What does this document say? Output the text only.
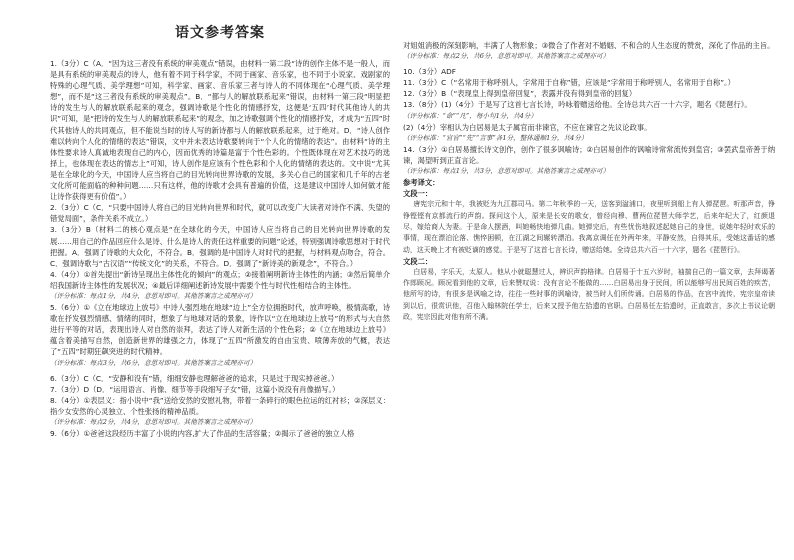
语文参考答案

1.（3分）C（A．“因为这三者没有系统的审美观点”错误，由材料一第二段“诗的创作主体不是一般人，而是具有系统的审美观点的诗人，他有着不同于科学家，不同于画家、音乐家，也不同于小说家、戏剧家的特殊的心理气质、美学理想”可知，科学家、画家、音乐家三者与诗人的不同体现在“心理气质、美学理想”，而不是“这三者没有系统的审美观点”。B．“都与人的解放联系起来”错误，由材料一第三段“明显把诗的发生与人的解放联系起来的观念，强调诗歌是个性化的情感抒发，这便是‘五四’时代其他诗人的共识”可知，是“把诗的发生与人的解放联系起来”的观念，加之诗歌强调个性化的情感抒发，才成为“五四”时代其他诗人的共同观点，但不能说当时的诗人写的新诗都与人的解放联系起来，过于绝对。D．“诗人创作难以转向个人化的情绪的表达”错误，文中并未表达诗歌要转向于“个人化的情绪的表达”。由材料“诗的主体性要求诗人真诚地表现自己的内心，因而优秀的诗篇是富于个性色彩的。个性既体现在对艺术技巧的选择上，也体现在表达的情志上”可知，诗人创作是应该有个性色彩和个人化的情绪的表达的。文中说“尤其是在全球化的今天，中国诗人应当将自己的目光转向世界诗歌的发展，多关心自己的国家和几千年的古老文化所可能面临的种种问题……只有这样，他的诗歌才会具有普遍的价值，这是建议中国诗人如何做才能让诗作获得更有价值”。）

2.（3分）C（C．“只要中国诗人将自己的目光转向世界和时代，就可以改变广大读者对诗作不满、失望的错觉局面”，条件关系不成立。）

3.（3分）B（材料二的核心观点是“在全球化的今天，中国诗人应当将自己的目光转向世界诗歌的发展……用自己的作品回应什么是诗、什么是诗人的责任这样重要的问题”论述，特别强调诗歌思想对于时代把握。A．强调了诗歌的大众化，不符合。B．强调的是中国诗人对时代的把握，与材料观点吻合，符合。C．强调诗歌与“古汉语”“传统文化”的关系，不符合。D．强调了“新诗美的新观念”，不符合。）

4.（4分）①首先提出“新诗呈现出主体性化的倾向”的观点；②接着阐明新诗主体性的内涵；③然后简单介绍我国新诗主体性的发展状况；④最后详细阐述新诗发展中需要个性与时代性相结合的主体性。

（评分标准：每点1分，共4分，意思对即可。其他答案言之成理亦可）

5.（6分）①《立在地球边上放号》中诗人强烈地在地球“边上”全方位拥抱时代，放声呼唤，极情高歌，诗歌在抒发强烈情感、情绪的同时，想象了与地球对话的景象，诗作以“立在地球边上放号”的形式与大自然进行平等的对话，表现出诗人对自然的崇拜，表达了诗人对新生活的个性色彩；②《立在地球边上放号》蕴含着美描写自然，创造新世界的雄强之力，体现了“五四”所激发的自由宝贵、喷薄奔放的气概，表达了“五四”时期狂飙突进的时代精神。

（评分标准：每点3分，共6分，意思对即可。其他答案言之成理亦可）

6.（3分）C（C．“安静和没有”错，细细安静也理解爸爸的追求，只是过于现实掉爸爸。）

7.（3分）D（D．“运用语言、肖像、细节等手段细写子女”错，这篇小说没有肖像描写。）

8.（4分）①表层义：指小说中“我”送给安然的安慰礼物，带着一条碎行的眼色拉运的红衬衫；②深层义：指少女安然的心灵独立、个性张扬的精神品质。

（评分标准：每点2分，共4分，意思对即可。其他答案言之成理亦可）

9.（6分）①爸爸这段经历丰富了小说的内容,扩大了作品的生活容量；②揭示了爸爸的独立人格

对姐姐消极的深刻影响，丰满了人物形象；③微合了作者对不婚姻、不和合的人生态度的赞赏，深化了作品的主旨。

（评分标准：每点2分，共6分，意思对即可。其他答案言之成理亦可）

10.（3分）ADF

11.（3分）C（“名常用于称呼别人，字常用于自称”错，应该是“字常用于称呼别人，名常用于自称”。）

12.（3分）B（“表现皇上得到皇帝回复”，表露并没有得到皇帝的回复）

13.（8分）(1)（4分）于是写了这首七言长诗，吟咏着赠送给他。全诗总共六百一十六字，题名《琵琶行》。

（评分标准：“命”“凡”，每小句1分，共4分）

(2)（4分）宰相认为白居易是太子属官而非谏官，不应在谏官之先议论政事。

（评分标准：“官官”“先”“言事”各1分，整体通顺1分，共4分）

14.（3分）①白居易擅长诗文创作，创作了很多讽喻诗；②白居易创作的讽喻诗常常流传到皇宫；③罢武皇帝善于纳谏，渴望听到正直言论。

（评分标准：每点1分，共3分，意思对即可。其他答案言之成理亦可）

参考译文：

文段一：

唐宪宗元和十年，我被贬为九江郡司马。第二年秋季的一天，送客到湓浦口，夜里听到船上有人弹琵琶。听那声音，铮铮铿铿有京都流行的声韵。探问这个人，原来是长安的歌女，曾经向穆、曹两位琵琶大师学艺，后来年纪大了，红颜退尽，嫁给商人为妻。于是命人摆酒，叫她畅快地弹几曲。她弹完后，有些忧伤地叙述起她自己的身世，说她年轻时欢乐的事情，现在漂泊沦落、憔悴困顿，在江湖之间辗转漂泊。我离京调任在外两年来，平静安然，自得其乐，受她这番话的感动，这天晚上才有被贬谪的感觉。于是写了这首七言长诗，赠送给她。全诗总共六百一十六字，题名《琵琶行》。

文段二：

白居易，字乐天，太原人。他从小就聪慧过人，辨识声韵格律。白居易于十五六岁时，袖揣自己的一篇文章，去拜谒著作郎顾况。顾况看到他的文章，后来赞叹说：没有言论不能做的……白居易出身于民间，所以能够写出民间百姓的疾苦，他所写的诗，有很多是讽喻之诗，往往一些时事的讽喻诗，被当时人们所传诵。白居易的作品，在宫中流传，宪宗皇帝读到以后，很赏识他，召他入翰林院任学士，后来又授予他左拾遗的官职。白居易任左拾遗时，正直敢言，多次上书议论朝政，宪宗因此对他有所不满。
